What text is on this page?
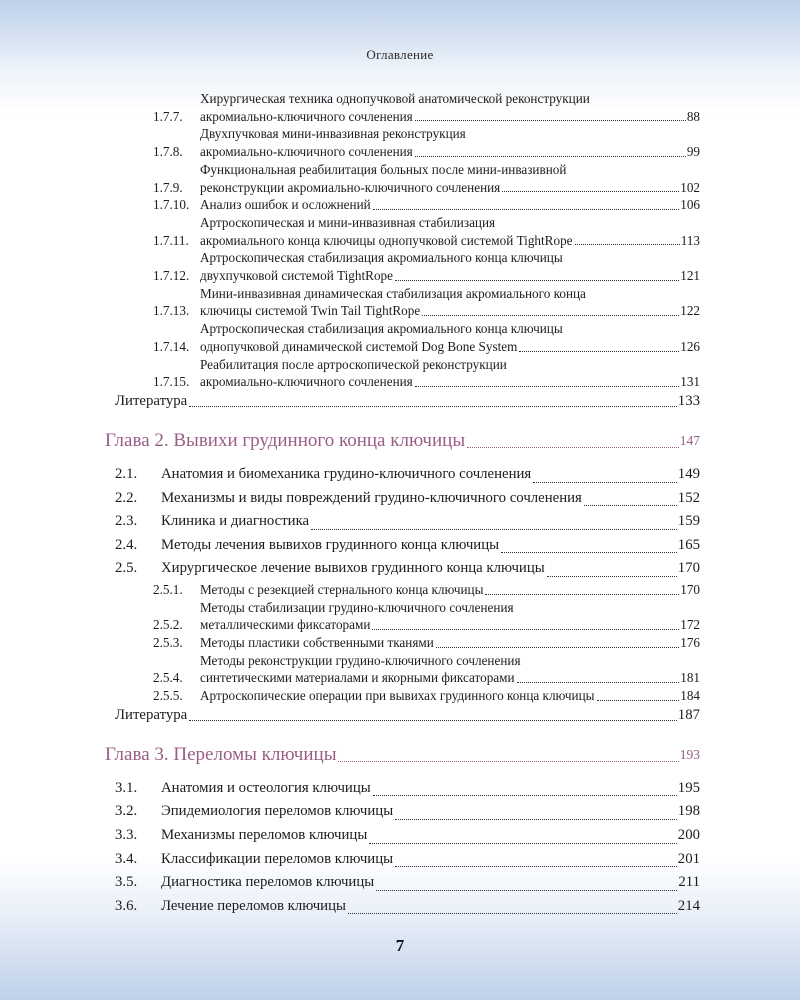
Оглавление
1.7.7.
Хирургическая техника однопучковой анатомической реконструкции
акромиально-ключичного сочленения	88
1.7.8.
Двухпучковая мини-инвазивная реконструкция
акромиально-ключичного сочленения	99
1.7.9.
Функциональная реабилитация больных после мини-инвазивной
реконструкции акромиально-ключичного сочленения	102
1.7.10. Анализ ошибок и осложнений	106
1.7.11.
Артроскопическая и мини-инвазивная стабилизация
акромиального конца ключицы однопучковой системой TightRope	113
1.7.12.
Артроскопическая стабилизация акромиального конца ключицы
двухпучковой системой TightRope	121
1.7.13.
Мини-инвазивная динамическая стабилизация акромиального конца
ключицы системой Twin Tail TightRope	122
1.7.14.
Артроскопическая стабилизация акромиального конца ключицы
однопучковой динамической системой Dog Bone System	126
1.7.15.
Реабилитация после артроскопической реконструкции
акромиально-ключичного сочленения	131
Литература	133
Глава 2. Вывихи грудинного конца ключицы	147
2.1.	Анатомия и биомеханика грудино-ключичного сочленения	149
2.2.	Механизмы и виды повреждений грудино-ключичного сочленения	152
2.3.	Клиника и диагностика	159
2.4.	Методы лечения вывихов грудинного конца ключицы	165
2.5.	Хирургическое лечение вывихов грудинного конца ключицы	170
2.5.1.	Методы с резекцией стернального конца ключицы	170
2.5.2.
Методы стабилизации грудино-ключичного сочленения
металлическими фиксаторами	172
2.5.3.	Методы пластики собственными тканями	176
2.5.4.
Методы реконструкции грудино-ключичного сочленения
синтетическими материалами и якорными фиксаторами	181
2.5.5.	Артроскопические операции при вывихах грудинного конца ключицы	184
Литература	187
Глава 3. Переломы ключицы	193
3.1.	Анатомия и остеология ключицы	195
3.2.	Эпидемиология переломов ключицы	198
3.3.	Механизмы переломов ключицы	200
3.4.	Классификации переломов ключицы	201
3.5.	Диагностика переломов ключицы	211
3.6.	Лечение переломов ключицы	214
7
